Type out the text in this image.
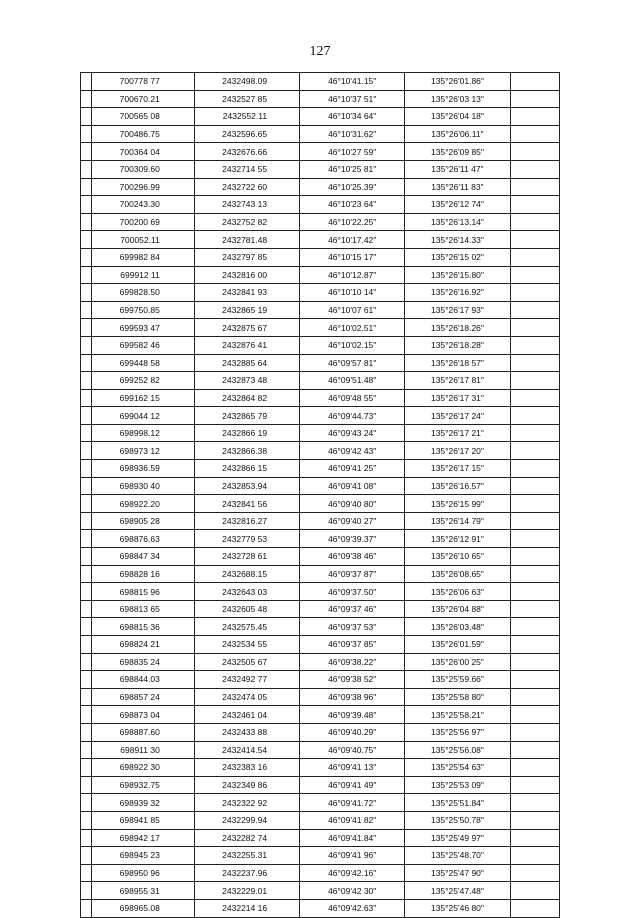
127
	700778 77	2432498.09	46°10'41.15"	135°26'01.86"	
	700670.21	2432527 85	46°10'37 51"	135°26'03 13"	
	700565 08	2432552.11	46°10'34 64"	135°26'04 18"	
	700486.75	2432596.65	46°10'31.62"	135°26'06.11"	
	700364 04	2432676.66	46°10'27 59"	135°26'09 85"	
	700309.60	2432714 55	46°10'25 81"	135°26'11 47"	
	700296.99	2432722 60	46°10'25.39"	135°26'11 83"	
	700243.30	2432743 13	46°10'23 64"	135°26'12 74"	
	700200 69	2432752 82	46°10'22.25"	135°26'13.14"	
	700052.11	2432781.48	46°10'17.42"	135°26'14.33"	
	699982 84	2432797 85	46°10'15 17"	135°26'15 02"	
	699912 11	2432816 00	46°10'12.87"	135°26'15.80"	
	699828.50	2432841 93	46°10'10 14"	135°26'16.92"	
	699750.85	2432865 19	46°10'07 61"	135°26'17 93"	
	699593 47	2432875 67	46°10'02.51"	135°26'18.26"	
	699582 46	2432876 41	46°10'02.15"	135°26'18.28"	
	699448 58	2432885 64	46°09'57 81"	135°26'18 57"	
	699252 82	2432873 48	46°09'51.48"	135°26'17 81"	
	699162 15	2432864 82	46°09'48 55"	135°26'17 31"	
	699044 12	2432865 79	46°09'44.73"	135°26'17 24"	
	698998.12	2432866 19	46°09'43 24"	135°26'17 21"	
	698973 12	2432866.38	46°09'42 43"	135°26'17 20"	
	698936.59	2432866 15	46°09'41 25"	135°26'17 15"	
	698930 40	2432853.94	46°09'41 08"	135°26'16.57"	
	698922.20	2432841 56	46°09'40 80"	135°26'15 99"	
	698905 28	2432816.27	46°09'40 27"	135°26'14 79"	
	698876.63	2432779 53	46°09'39.37"	135°26'12 91"	
	698847 34	2432728 61	46°09'38 46"	135°26'10 65"	
	698828 16	2432688.15	46°09'37 87"	135°26'08.65"	
	698815 96	2432643 03	46°09'37.50"	135°26'06 63"	
	698813 65	2432605 48	46°09'37 46"	135°26'04 88"	
	698815 36	2432575.45	46°09'37 53"	135°26'03.48"	
	698824 21	2432534 55	46°09'37 85"	135°26'01.59"	
	698835 24	2432505 67	46°09'38.22"	135°26'00 25"	
	698844.03	2432492 77	46°09'38 52"	135°25'59.66"	
	698857 24	2432474 05	46°09'38 96"	135°25'58 80"	
	698873 04	2432461 04	46°09'39.48"	135°25'58.21"	
	698887.60	2432433 88	46°09'40.29"	135°25'56 97"	
	698911 30	2432414.54	46°09'40.75"	135°25'56.08"	
	698922 30	2432383 16	46°09'41 13"	135°25'54 63"	
	698932.75	2432349 86	46°09'41 49"	135°25'53 09"	
	698939 32	2432322 92	46°09'41.72"	135°25'51.84"	
	698941 85	2432299.94	46°09'41 82"	135°25'50.78"	
	698942 17	2432282 74	46°09'41.84"	135°25'49 97"	
	698945 23	2432255.31	46°09'41 96"	135°25'48.70"	
	698950 96	2432237.96	46°09'42.16"	135°25'47 90"	
	698955 31	2432229.01	46°09'42 30"	135°25'47.48"	
	698965.08	2432214 16	46°09'42.63"	135°25'46 80"	
